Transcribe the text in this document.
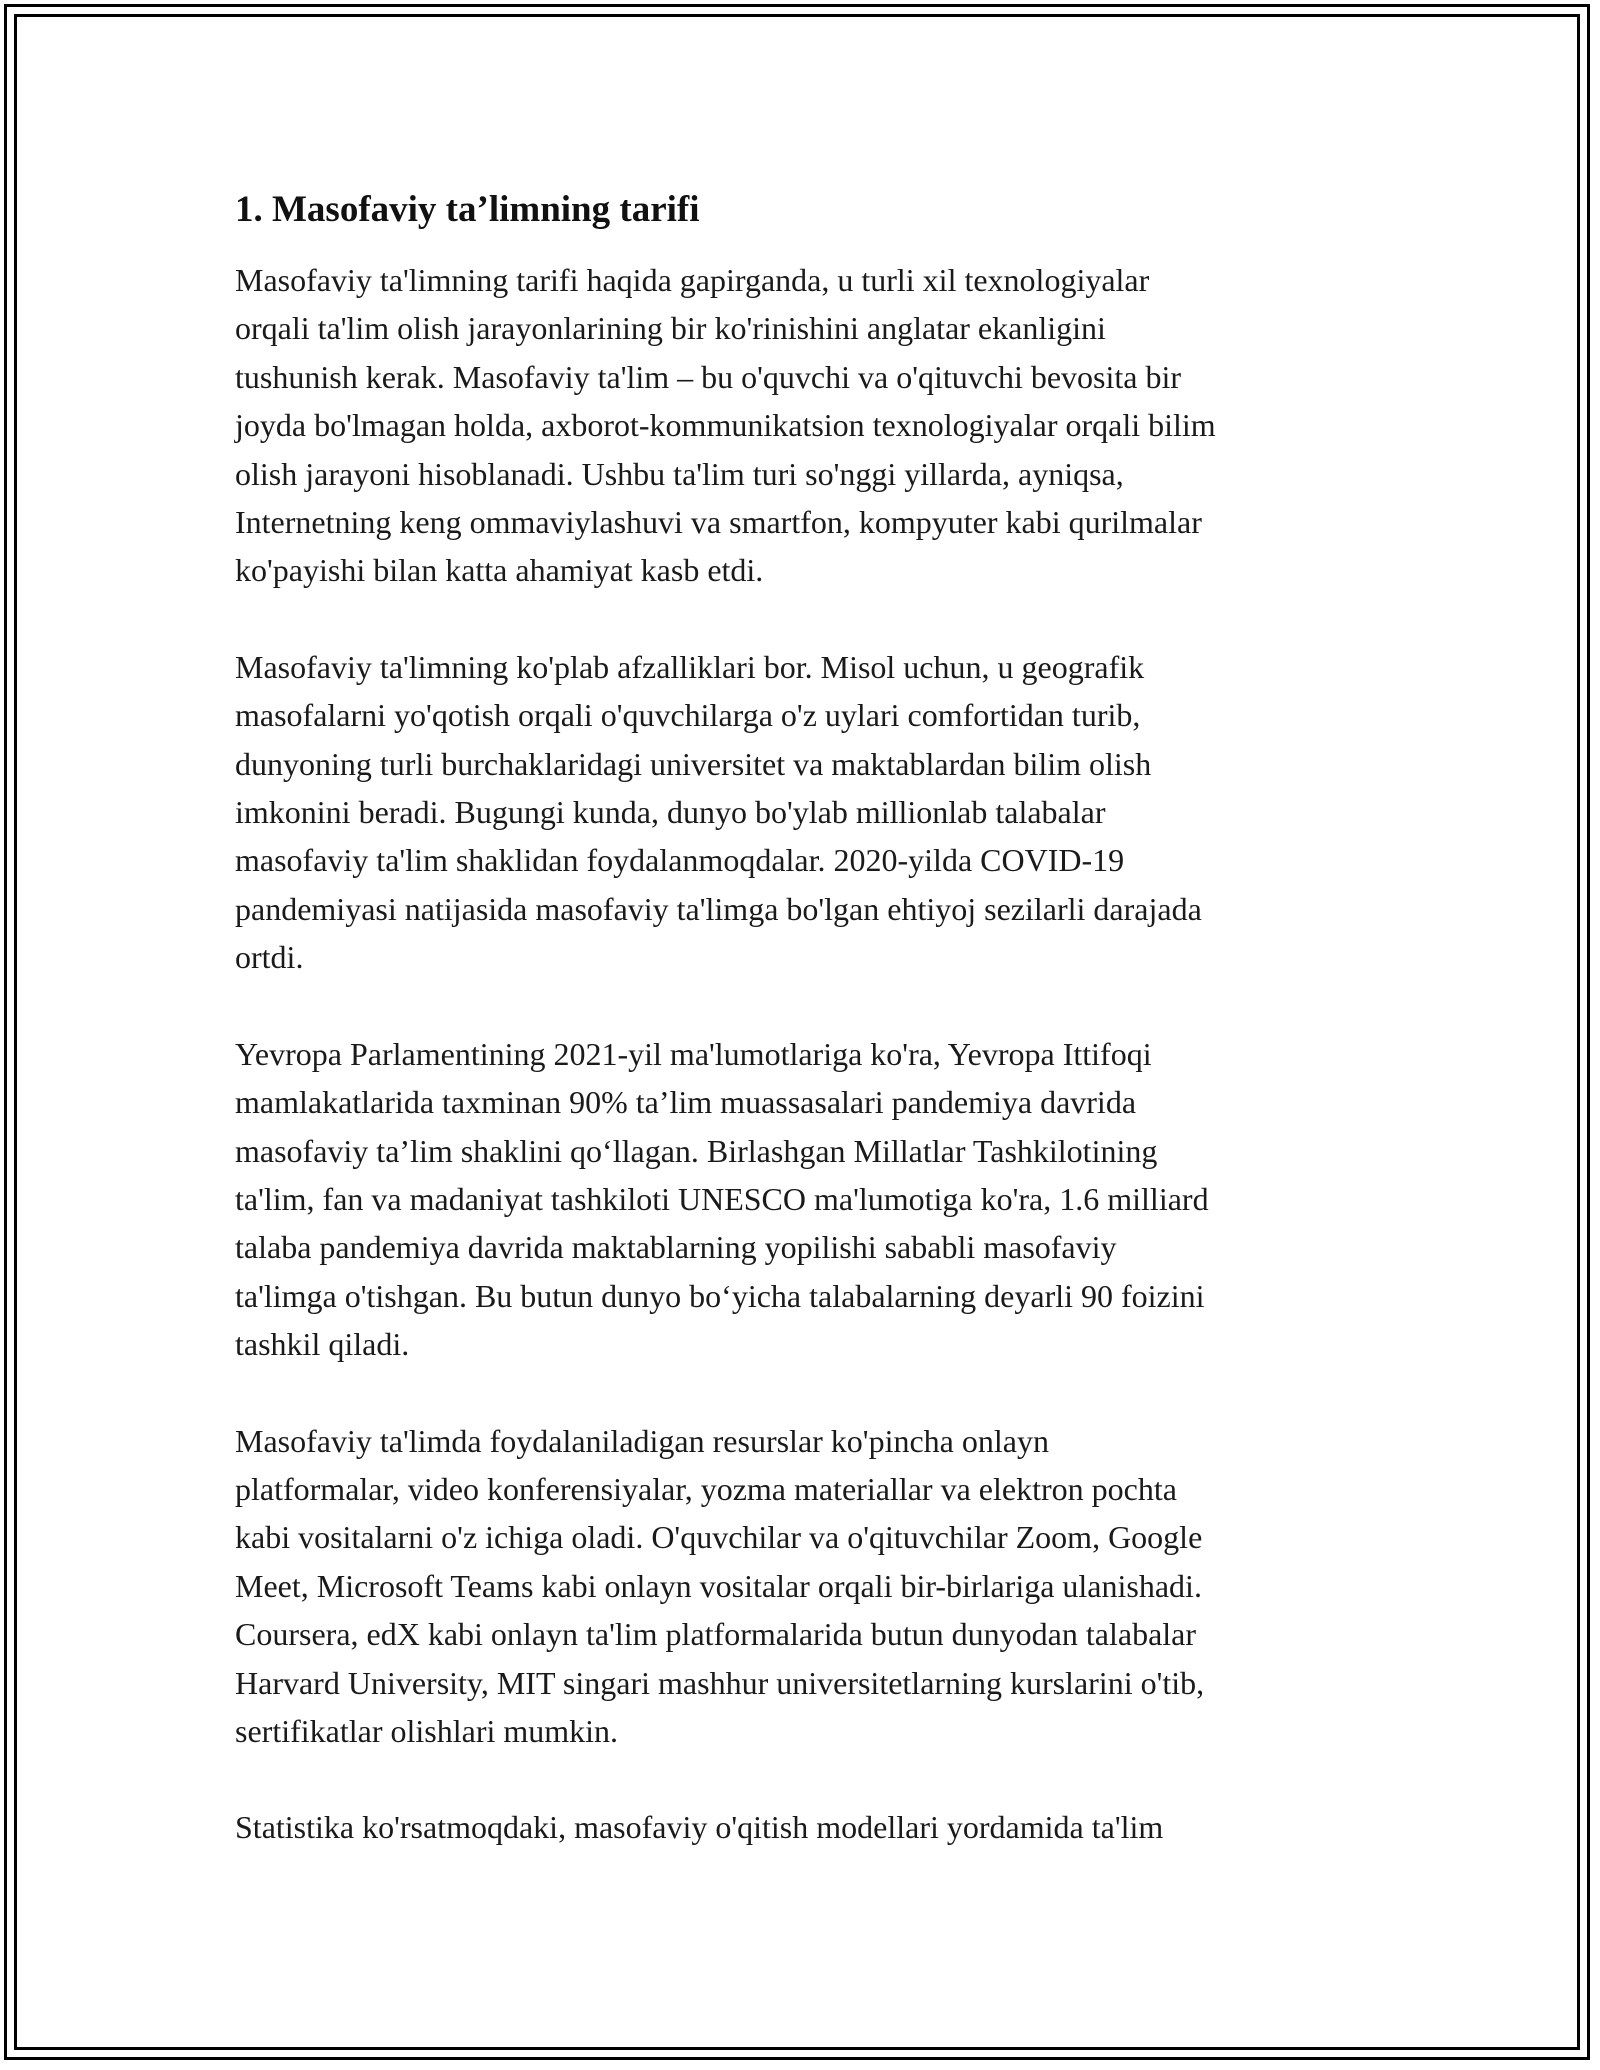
1. Masofaviy ta’limning tarifi

Masofaviy ta'limning tarifi haqida gapirganda, u turli xil texnologiyalar
orqali ta'lim olish jarayonlarining bir ko'rinishini anglatar ekanligini
tushunish kerak. Masofaviy ta'lim – bu o'quvchi va o'qituvchi bevosita bir
joyda bo'lmagan holda, axborot-kommunikatsion texnologiyalar orqali bilim
olish jarayoni hisoblanadi. Ushbu ta'lim turi so'nggi yillarda, ayniqsa,
Internetning keng ommaviylashuvi va smartfon, kompyuter kabi qurilmalar
ko'payishi bilan katta ahamiyat kasb etdi.

Masofaviy ta'limning ko'plab afzalliklari bor. Misol uchun, u geografik
masofalarni yo'qotish orqali o'quvchilarga o'z uylari comfortidan turib,
dunyoning turli burchaklaridagi universitet va maktablardan bilim olish
imkonini beradi. Bugungi kunda, dunyo bo'ylab millionlab talabalar
masofaviy ta'lim shaklidan foydalanmoqdalar. 2020-yilda COVID-19
pandemiyasi natijasida masofaviy ta'limga bo'lgan ehtiyoj sezilarli darajada
ortdi.

Yevropa Parlamentining 2021-yil ma'lumotlariga ko'ra, Yevropa Ittifoqi
mamlakatlarida taxminan 90% ta’lim muassasalari pandemiya davrida
masofaviy ta’lim shaklini qo‘llagan. Birlashgan Millatlar Tashkilotining
ta'lim, fan va madaniyat tashkiloti UNESCO ma'lumotiga ko'ra, 1.6 milliard
talaba pandemiya davrida maktablarning yopilishi sababli masofaviy
ta'limga o'tishgan. Bu butun dunyo bo‘yicha talabalarning deyarli 90 foizini
tashkil qiladi.

Masofaviy ta'limda foydalaniladigan resurslar ko'pincha onlayn
platformalar, video konferensiyalar, yozma materiallar va elektron pochta
kabi vositalarni o'z ichiga oladi. O'quvchilar va o'qituvchilar Zoom, Google
Meet, Microsoft Teams kabi onlayn vositalar orqali bir-birlariga ulanishadi.
Coursera, edX kabi onlayn ta'lim platformalarida butun dunyodan talabalar
Harvard University, MIT singari mashhur universitetlarning kurslarini o'tib,
sertifikatlar olishlari mumkin.

Statistika ko'rsatmoqdaki, masofaviy o'qitish modellari yordamida ta'lim
